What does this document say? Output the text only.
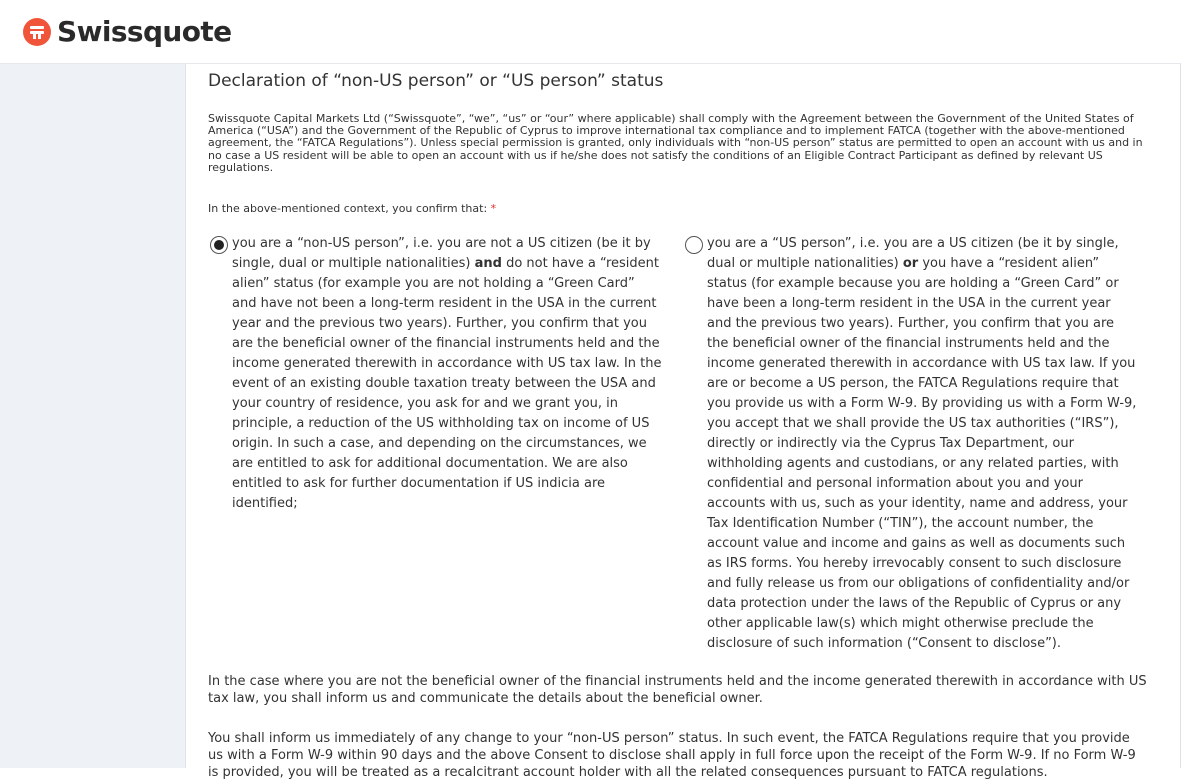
Swissquote
Declaration of “non-US person” or “US person” status

Swissquote Capital Markets Ltd (“Swissquote”, “we”, “us” or “our” where applicable) shall comply with the Agreement between the Government of the United States of America (“USA”) and the Government of the Republic of Cyprus to improve international tax compliance and to implement FATCA (together with the above-mentioned agreement, the “FATCA Regulations”). Unless special permission is granted, only individuals with “non-US person” status are permitted to open an account with us and in no case a US resident will be able to open an account with us if he/she does not satisfy the conditions of an Eligible Contract Participant as defined by relevant US regulations.

In the above-mentioned context, you confirm that: *

you are a “non-US person”, i.e. you are not a US citizen (be it by single, dual or multiple nationalities) and do not have a “resident alien” status (for example you are not holding a “Green Card” and have not been a long-term resident in the USA in the current year and the previous two years). Further, you confirm that you are the beneficial owner of the financial instruments held and the income generated therewith in accordance with US tax law. In the event of an existing double taxation treaty between the USA and your country of residence, you ask for and we grant you, in principle, a reduction of the US withholding tax on income of US origin. In such a case, and depending on the circumstances, we are entitled to ask for additional documentation. We are also entitled to ask for further documentation if US indicia are identified;

you are a “US person”, i.e. you are a US citizen (be it by single, dual or multiple nationalities) or you have a “resident alien” status (for example because you are holding a “Green Card” or have been a long-term resident in the USA in the current year and the previous two years). Further, you confirm that you are the beneficial owner of the financial instruments held and the income generated therewith in accordance with US tax law. If you are or become a US person, the FATCA Regulations require that you provide us with a Form W-9. By providing us with a Form W-9, you accept that we shall provide the US tax authorities (“IRS”), directly or indirectly via the Cyprus Tax Department, our withholding agents and custodians, or any related parties, with confidential and personal information about you and your accounts with us, such as your identity, name and address, your Tax Identification Number (“TIN”), the account number, the account value and income and gains as well as documents such as IRS forms. You hereby irrevocably consent to such disclosure and fully release us from our obligations of confidentiality and/or data protection under the laws of the Republic of Cyprus or any other applicable law(s) which might otherwise preclude the disclosure of such information (“Consent to disclose”).

In the case where you are not the beneficial owner of the financial instruments held and the income generated therewith in accordance with US tax law, you shall inform us and communicate the details about the beneficial owner.

You shall inform us immediately of any change to your “non-US person” status. In such event, the FATCA Regulations require that you provide us with a Form W-9 within 90 days and the above Consent to disclose shall apply in full force upon the receipt of the Form W-9. If no Form W-9 is provided, you will be treated as a recalcitrant account holder with all the related consequences pursuant to FATCA regulations.
